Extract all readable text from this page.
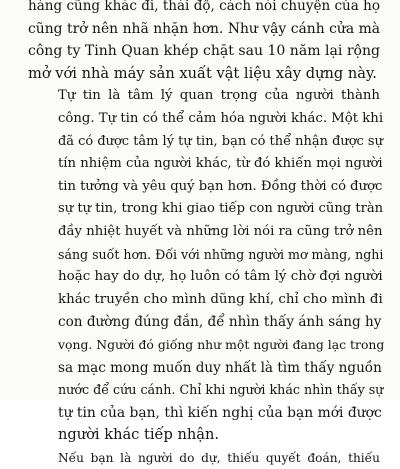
hàng cũng khác đi, thái độ, cách nói chuyện của họ
cũng trở nên nhã nhặn hơn. Như vậy cánh cửa mà
công ty Tinh Quan khép chặt sau 10 năm lại rộng
mở với nhà máy sản xuất vật liệu xây dựng này.

Tự tin là tâm lý quan trọng của người thành
công. Tự tin có thể cảm hóa người khác. Một khi
đã có được tâm lý tự tin, bạn có thể nhận được sự
tín nhiệm của người khác, từ đó khiến mọi người
tin tưởng và yêu quý bạn hơn. Đồng thời có được
sự tự tin, trong khi giao tiếp con người cũng tràn
đầy nhiệt huyết và những lời nói ra cũng trở nên
sáng suốt hơn. Đối với những người mơ màng, nghi
hoặc hay do dự, họ luôn có tâm lý chờ đợi người
khác truyền cho mình dũng khí, chỉ cho mình đi
con đường đúng đắn, để nhìn thấy ánh sáng hy
vọng. Người đó giống như một người đang lạc trong
sa mạc mong muốn duy nhất là tìm thấy nguồn
nước để cứu cánh. Chỉ khi người khác nhìn thấy sự
tự tin của bạn, thì kiến nghị của bạn mới được
người khác tiếp nhận.

Nếu bạn là người do dự, thiếu quyết đoán, thiếu
